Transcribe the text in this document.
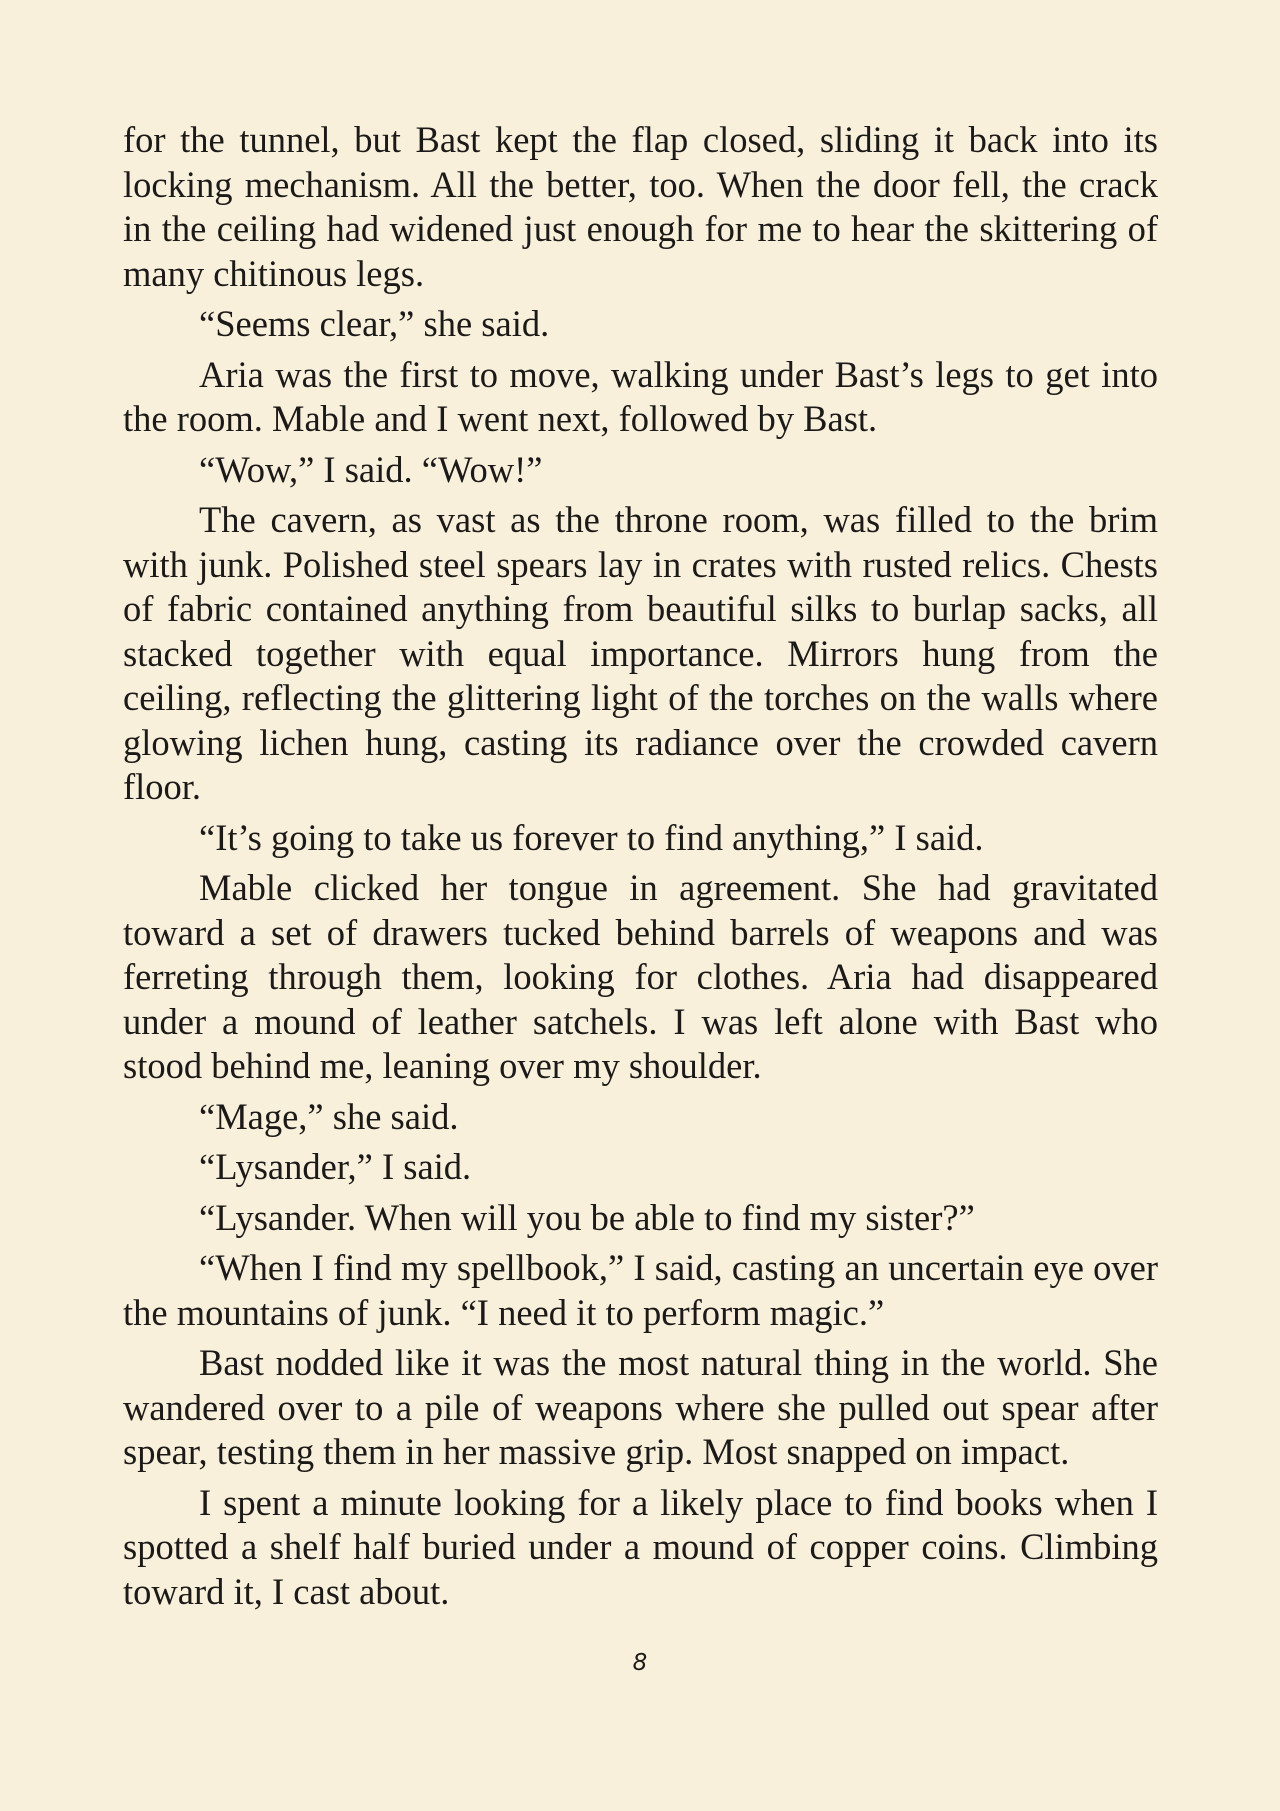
for the tunnel, but Bast kept the flap closed, sliding it back into its locking mechanism. All the better, too. When the door fell, the crack in the ceiling had widened just enough for me to hear the skittering of many chitinous legs.

“Seems clear,” she said.

Aria was the first to move, walking under Bast’s legs to get into the room. Mable and I went next, followed by Bast.

“Wow,” I said. “Wow!”

The cavern, as vast as the throne room, was filled to the brim with junk. Polished steel spears lay in crates with rusted relics. Chests of fabric contained anything from beautiful silks to burlap sacks, all stacked together with equal importance. Mirrors hung from the ceiling, reflecting the glittering light of the torches on the walls where glowing lichen hung, casting its radiance over the crowded cavern floor.

“It’s going to take us forever to find anything,” I said.

Mable clicked her tongue in agreement. She had gravitated toward a set of drawers tucked behind barrels of weapons and was ferreting through them, looking for clothes. Aria had disappeared under a mound of leather satchels. I was left alone with Bast who stood behind me, leaning over my shoulder.

“Mage,” she said.

“Lysander,” I said.

“Lysander. When will you be able to find my sister?”

“When I find my spellbook,” I said, casting an uncertain eye over the mountains of junk. “I need it to perform magic.”

Bast nodded like it was the most natural thing in the world. She wandered over to a pile of weapons where she pulled out spear after spear, testing them in her massive grip. Most snapped on impact.

I spent a minute looking for a likely place to find books when I spotted a shelf half buried under a mound of copper coins. Climbing toward it, I cast about.

8
